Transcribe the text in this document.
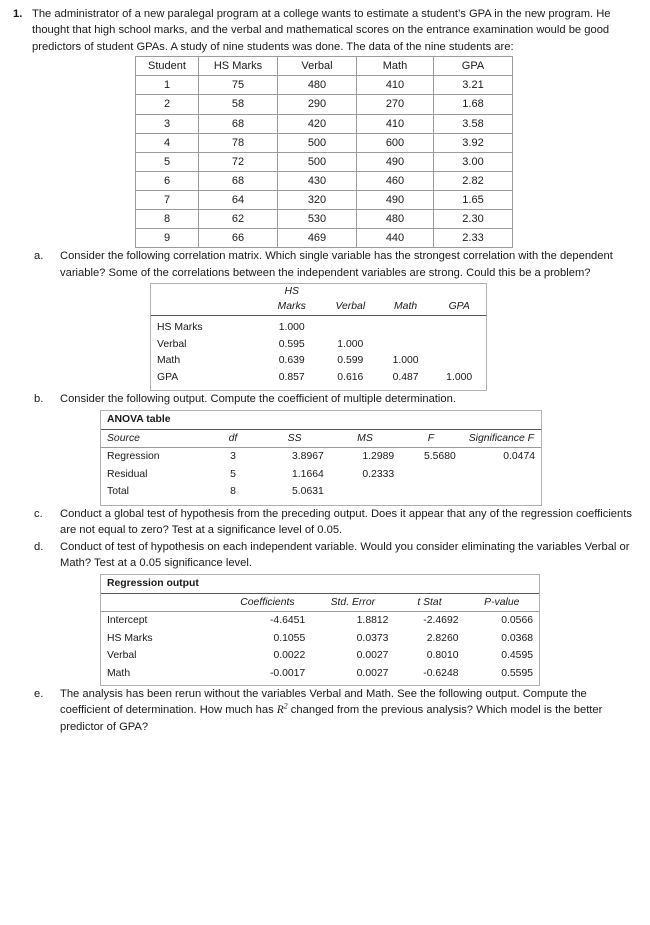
1. The administrator of a new paralegal program at a college wants to estimate a student’s GPA in the new program. He thought that high school marks, and the verbal and mathematical scores on the entrance examination would be good predictors of student GPAs. A study of nine students was done. The data of the nine students are:

Student	HS Marks	Verbal	Math	GPA
1	75	480	410	3.21
2	58	290	270	1.68
3	68	420	410	3.58
4	78	500	600	3.92
5	72	500	490	3.00
6	68	430	460	2.82
7	64	320	490	1.65
8	62	530	480	2.30
9	66	469	440	2.33
a.	Consider the following correlation matrix. Which single variable has the strongest correlation with the dependent variable? Some of the correlations between the independent variables are strong. Could this be a problem?

	HS			
	Marks	Verbal	Math	GPA

HS Marks	1.000			
Verbal	0.595	1.000		
Math	0.639	0.599	1.000	
GPA	0.857	0.616	0.487	1.000

b.	Consider the following output. Compute the coefficient of multiple determination.

ANOVA table					
Source	df	SS	MS	F	Significance F
Regression	3	3.8967	1.2989	5.5680	0.0474
Residual	5	1.1664	0.2333		
Total	8	5.0631			

c.	Conduct a global test of hypothesis from the preceding output. Does it appear that any of the regression coefficients are not equal to zero? Test at a significance level of 0.05.

d.	Conduct of test of hypothesis on each independent variable. Would you consider eliminating the variables Verbal or Math? Test at a 0.05 significance level.

Regression output				
	Coefficients	Std. Error	t Stat	P-value
Intercept	-4.6451	1.8812	-2.4692	0.0566
HS Marks	0.1055	0.0373	2.8260	0.0368
Verbal	0.0022	0.0027	0.8010	0.4595
Math	-0.0017	0.0027	-0.6248	0.5595

e.	The analysis has been rerun without the variables Verbal and Math. See the following output. Compute the coefficient of determination. How much has $R^2$ changed from the previous analysis? Which model is the better predictor of GPA?
